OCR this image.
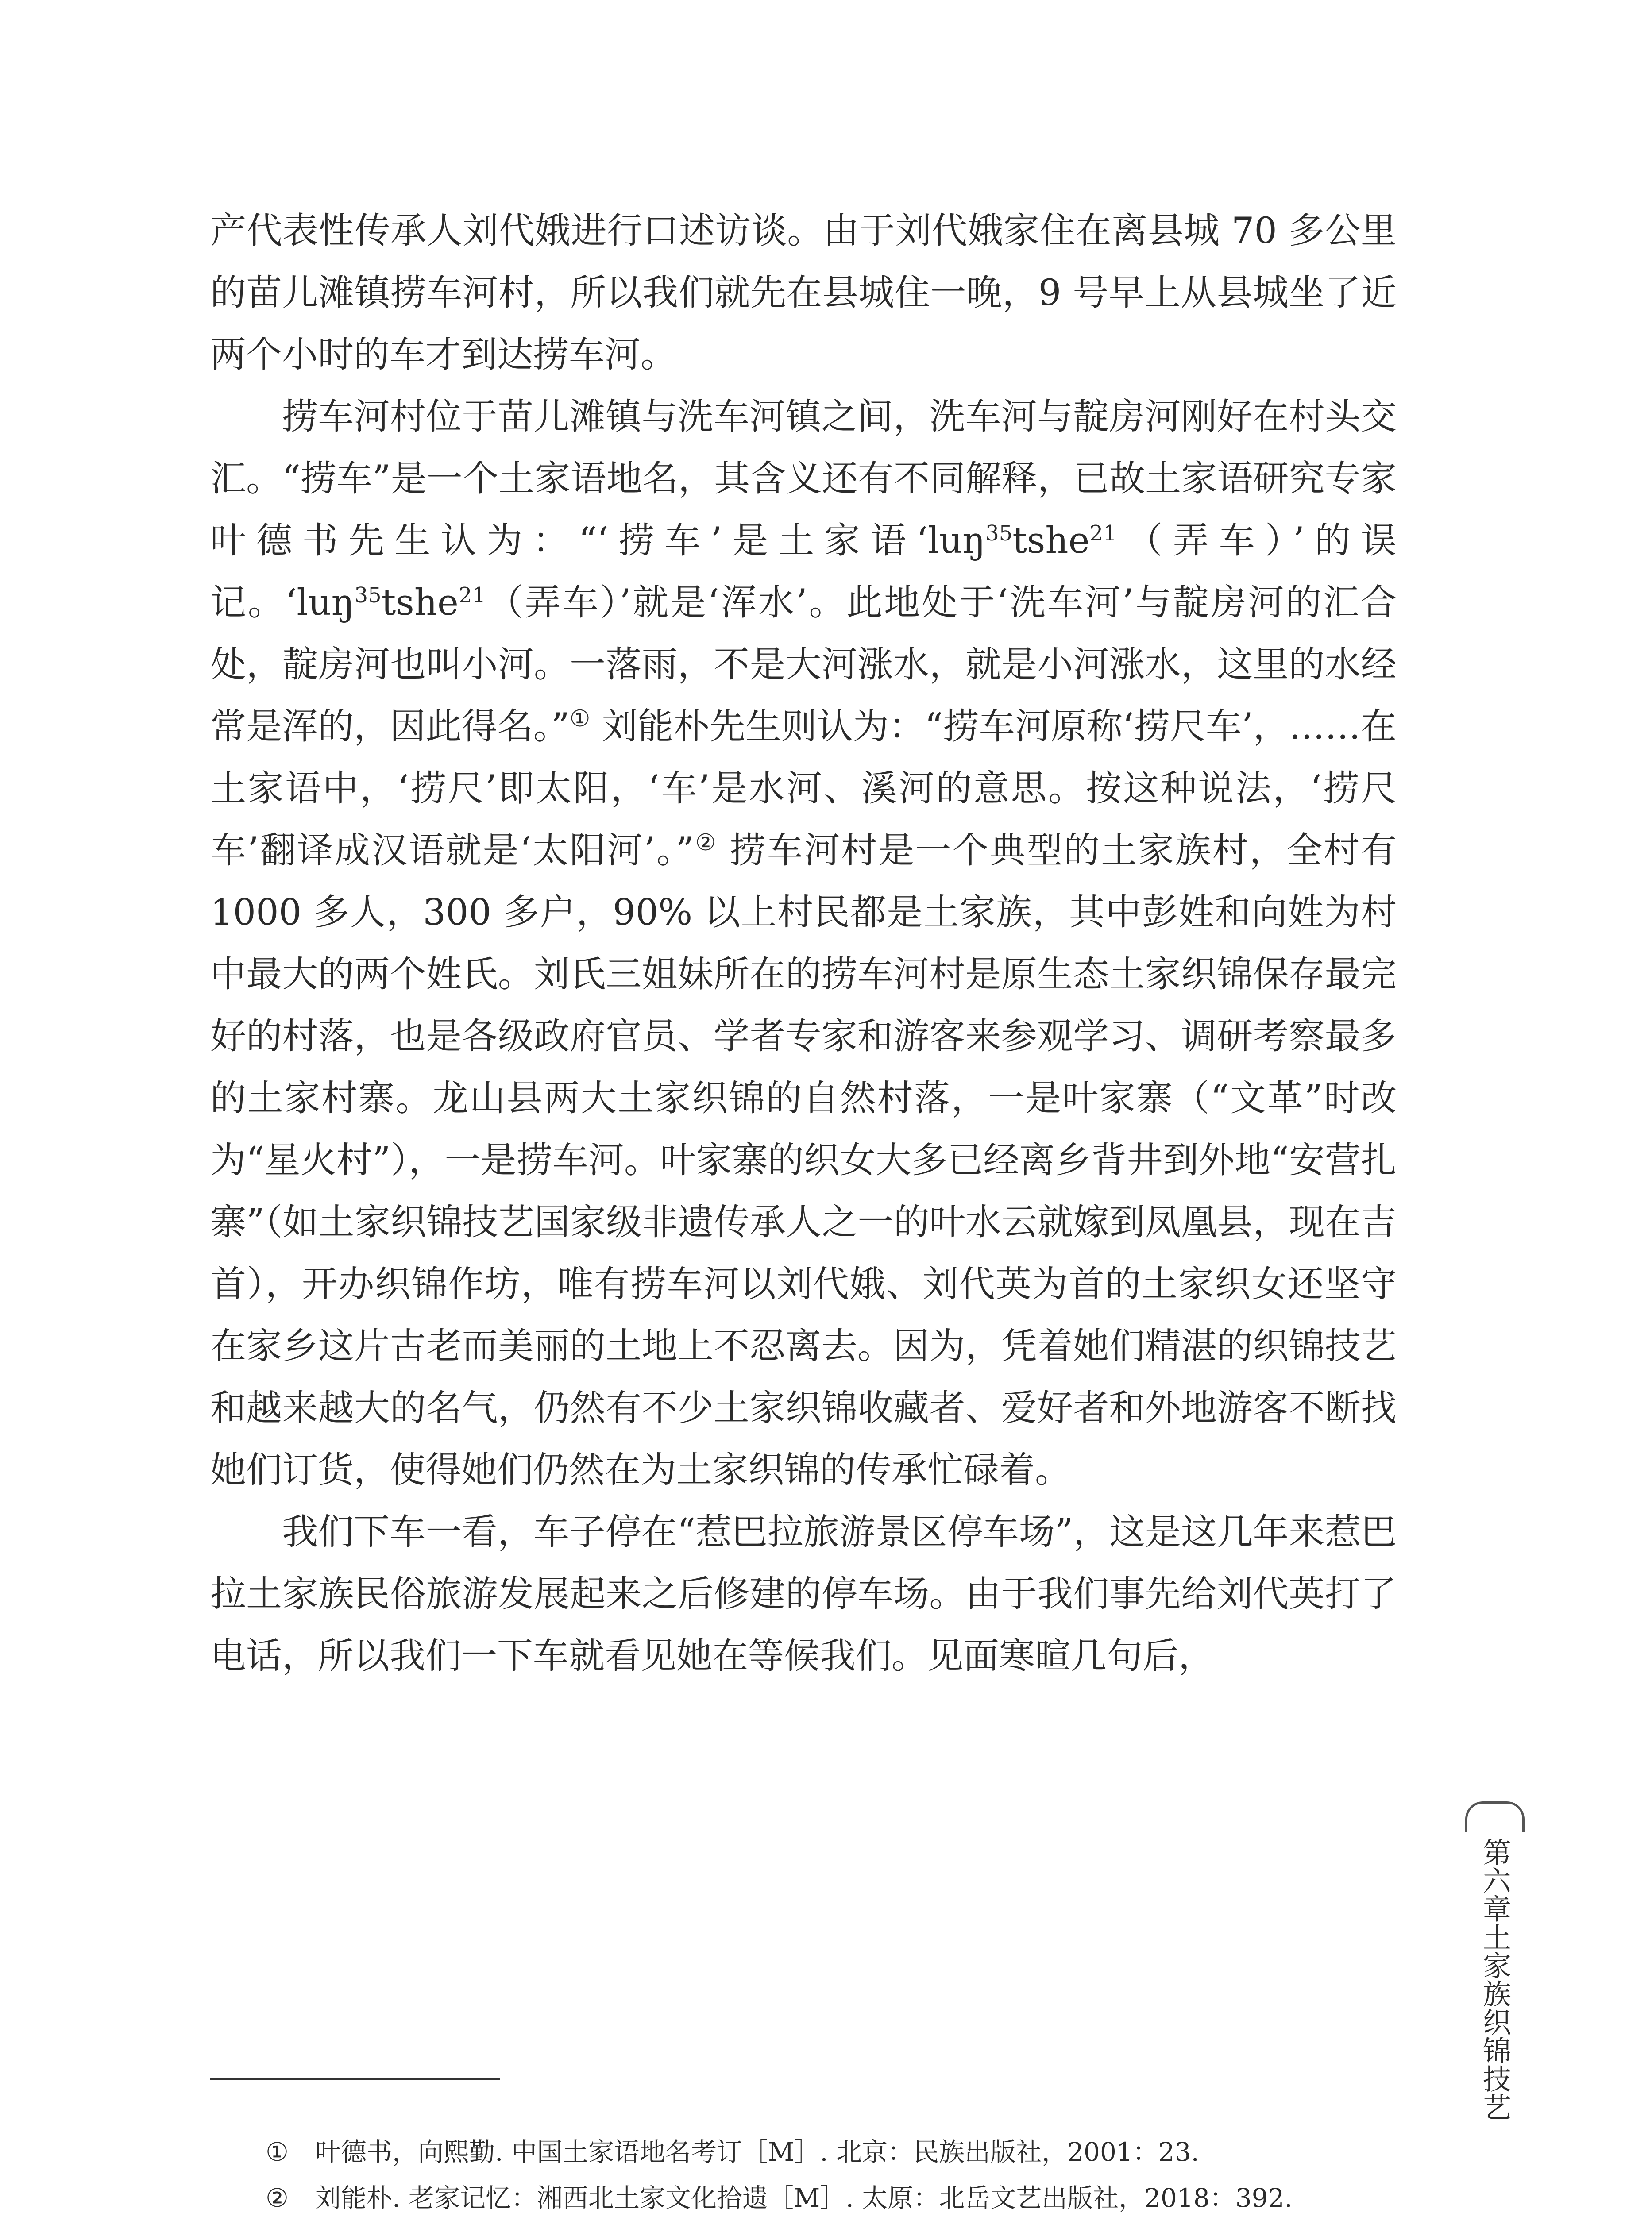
产代表性传承人刘代娥进行口述访谈。由于刘代娥家住在离县城 70 多公里的苗儿滩镇捞车河村，所以我们就先在县城住一晚，9 号早上从县城坐了近两个小时的车才到达捞车河。

捞车河村位于苗儿滩镇与洗车河镇之间，洗车河与靛房河刚好在村头交汇。“捞车”是一个土家语地名，其含义还有不同解释，已故土家语研究专家叶德书先生认为：“‘捞车’是土家语‘luŋ$^{35}$tshe$^{21}$（弄车）’的误记。‘luŋ$^{35}$tshe$^{21}$（弄车）’就是‘浑水’。此地处于‘洗车河’与靛房河的汇合处，靛房河也叫小河。一落雨，不是大河涨水，就是小河涨水，这里的水经常是浑的，因此得名。”① 刘能朴先生则认为：“捞车河原称‘捞尺车’，……在土家语中，‘捞尺’即太阳，‘车’是水河、溪河的意思。按这种说法，‘捞尺车’翻译成汉语就是‘太阳河’。”② 捞车河村是一个典型的土家族村，全村有 1000 多人，300 多户，90% 以上村民都是土家族，其中彭姓和向姓为村中最大的两个姓氏。刘氏三姐妹所在的捞车河村是原生态土家织锦保存最完好的村落，也是各级政府官员、学者专家和游客来参观学习、调研考察最多的土家村寨。龙山县两大土家织锦的自然村落，一是叶家寨（“文革”时改为“星火村”），一是捞车河。叶家寨的织女大多已经离乡背井到外地“安营扎寨”（如土家织锦技艺国家级非遗传承人之一的叶水云就嫁到凤凰县，现在吉首），开办织锦作坊，唯有捞车河以刘代娥、刘代英为首的土家织女还坚守在家乡这片古老而美丽的土地上不忍离去。因为，凭着她们精湛的织锦技艺和越来越大的名气，仍然有不少土家织锦收藏者、爱好者和外地游客不断找她们订货，使得她们仍然在为土家织锦的传承忙碌着。

我们下车一看，车子停在“惹巴拉旅游景区停车场”，这是这几年来惹巴拉土家族民俗旅游发展起来之后修建的停车场。由于我们事先给刘代英打了电话，所以我们一下车就看见她在等候我们。见面寒暄几句后，

①	叶德书，向熙勤. 中国土家语地名考订［M］. 北京：民族出版社，2001：23.
②	刘能朴. 老家记忆：湘西北土家文化拾遗［M］. 太原：北岳文艺出版社，2018：392.
第六章土家族织锦技艺
